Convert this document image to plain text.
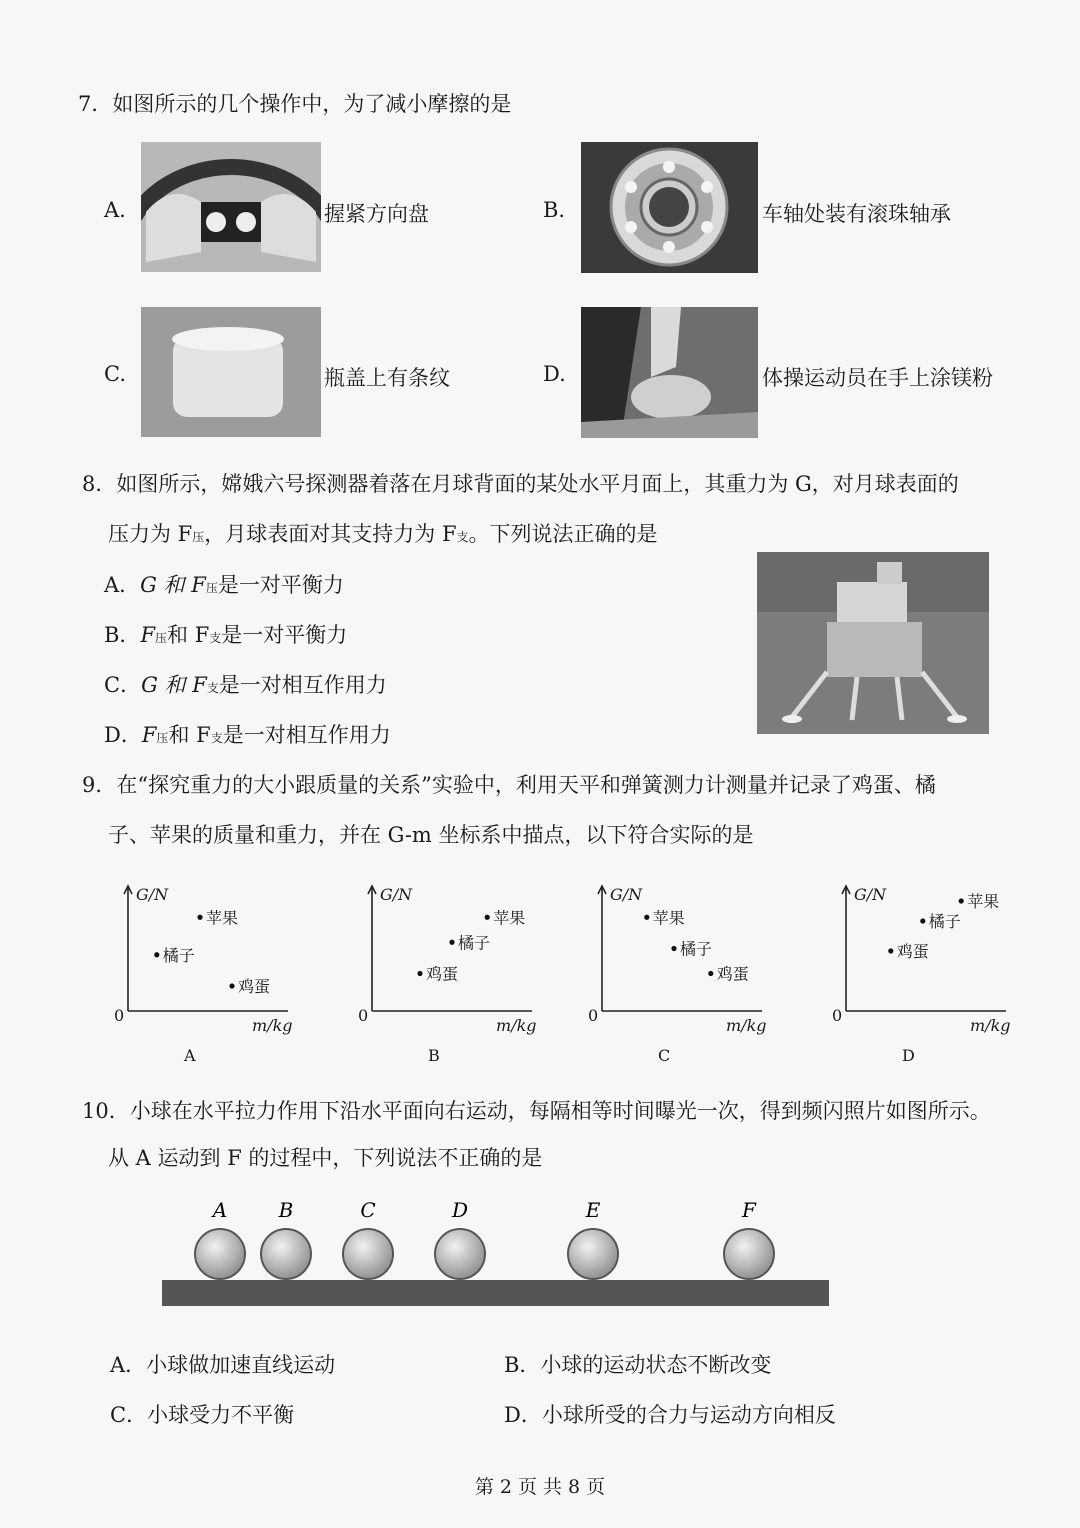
7．如图所示的几个操作中，为了减小摩擦的是
A.	握紧方向盘	B.	车轴处装有滚珠轴承
C.	瓶盖上有条纹	D.	体操运动员在手上涂镁粉
8．如图所示，嫦娥六号探测器着落在月球背面的某处水平月面上，其重力为 G，对月球表面的
压力为 F压，月球表面对其支持力为 F支。下列说法正确的是
A．G 和 F压是一对平衡力
B．F压和 F支是一对平衡力
C．G 和 F支是一对相互作用力
D．F压和 F支是一对相互作用力
9．在“探究重力的大小跟质量的关系”实验中，利用天平和弹簧测力计测量并记录了鸡蛋、橘
子、苹果的质量和重力，并在 G-m 坐标系中描点，以下符合实际的是
G/N
m/kg
0
苹果
橘子
鸡蛋
A
G/N
m/kg
0
苹果
橘子
鸡蛋
B
G/N
m/kg
0
苹果
橘子
鸡蛋
C
G/N
m/kg
0
苹果
橘子
鸡蛋
D
10．小球在水平拉力作用下沿水平面向右运动，每隔相等时间曝光一次，得到频闪照片如图所示。
从 A 运动到 F 的过程中，下列说法不正确的是
A	B	C	D	E	F
A．小球做加速直线运动	B．小球的运动状态不断改变
C．小球受力不平衡	D．小球所受的合力与运动方向相反
第 2 页 共 8 页
